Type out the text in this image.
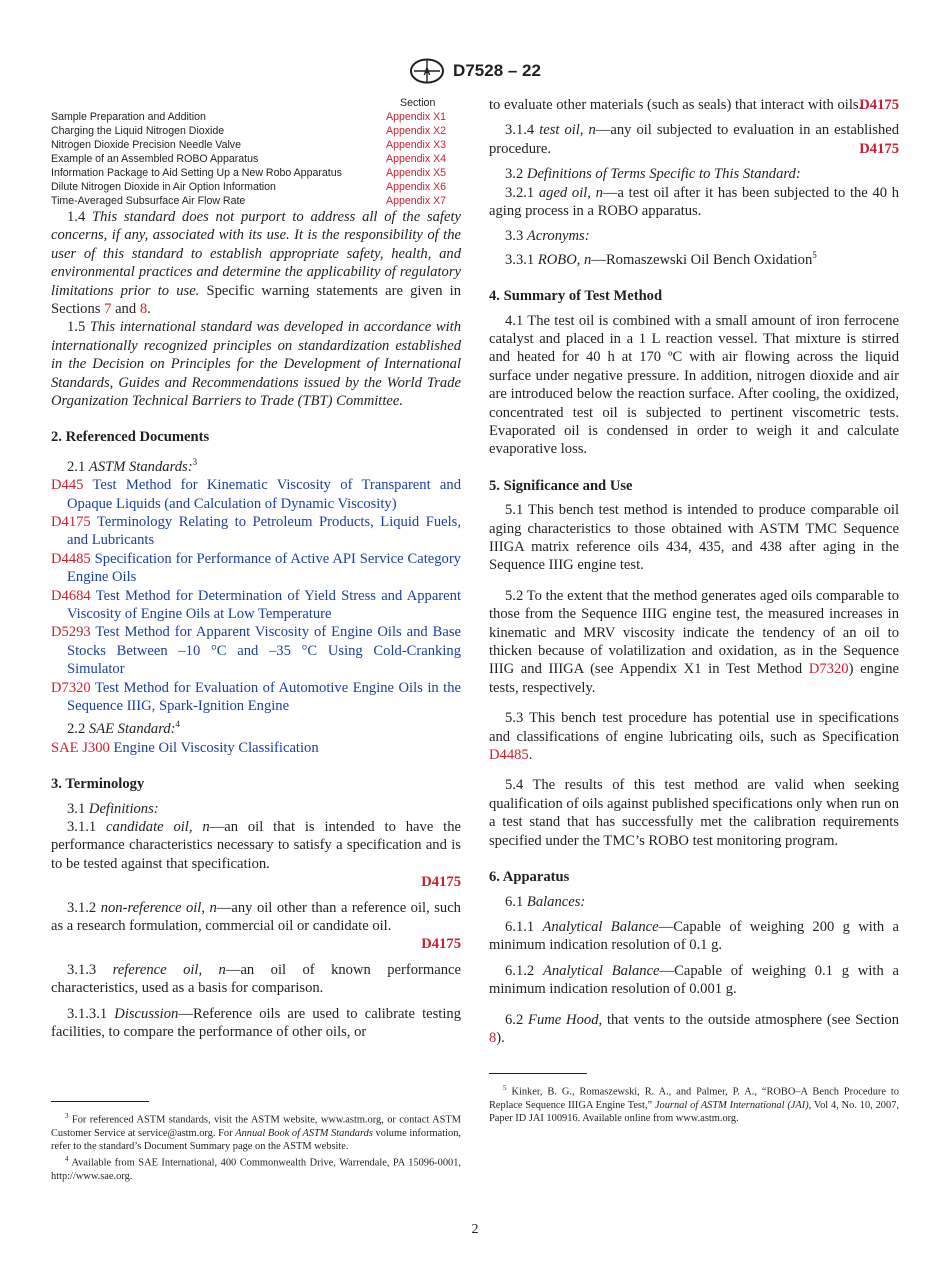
A D7528 – 22
	Section
Sample Preparation and Addition	Appendix X1
Charging the Liquid Nitrogen Dioxide	Appendix X2
Nitrogen Dioxide Precision Needle Valve	Appendix X3
Example of an Assembled ROBO Apparatus	Appendix X4
Information Package to Aid Setting Up a New Robo Apparatus	Appendix X5
Dilute Nitrogen Dioxide in Air Option Information	Appendix X6
Time-Averaged Subsurface Air Flow Rate	Appendix X7

1.4 This standard does not purport to address all of the safety concerns, if any, associated with its use. It is the responsibility of the user of this standard to establish appropriate safety, health, and environmental practices and determine the applicability of regulatory limitations prior to use. Specific warning statements are given in Sections 7 and 8.

1.5 This international standard was developed in accordance with internationally recognized principles on standardization established in the Decision on Principles for the Development of International Standards, Guides and Recommendations issued by the World Trade Organization Technical Barriers to Trade (TBT) Committee.

2. Referenced Documents

2.1 ASTM Standards:$^3$

D445 Test Method for Kinematic Viscosity of Transparent and Opaque Liquids (and Calculation of Dynamic Viscosity)

D4175 Terminology Relating to Petroleum Products, Liquid Fuels, and Lubricants

D4485 Specification for Performance of Active API Service Category Engine Oils

D4684 Test Method for Determination of Yield Stress and Apparent Viscosity of Engine Oils at Low Temperature

D5293 Test Method for Apparent Viscosity of Engine Oils and Base Stocks Between –10 °C and –35 °C Using Cold-Cranking Simulator

D7320 Test Method for Evaluation of Automotive Engine Oils in the Sequence IIIG, Spark-Ignition Engine

2.2 SAE Standard:$^4$

SAE J300 Engine Oil Viscosity Classification

3. Terminology

3.1 Definitions:

3.1.1 candidate oil, n—an oil that is intended to have the performance characteristics necessary to satisfy a specification and is to be tested against that specification.

D4175

3.1.2 non-reference oil, n—any oil other than a reference oil, such as a research formulation, commercial oil or candidate oil.

D4175

3.1.3 reference oil, n—an oil of known performance characteristics, used as a basis for comparison.

3.1.3.1 Discussion—Reference oils are used to calibrate testing facilities, to compare the performance of other oils, or

$^3$ For referenced ASTM standards, visit the ASTM website, www.astm.org, or contact ASTM Customer Service at service@astm.org. For Annual Book of ASTM Standards volume information, refer to the standard’s Document Summary page on the ASTM website.

$^4$ Available from SAE International, 400 Commonwealth Drive, Warrendale, PA 15096-0001, http://www.sae.org.

to evaluate other materials (such as seals) that interact with oils.

D4175

3.1.4 test oil, n—any oil subjected to evaluation in an established procedure.	D4175

3.2 Definitions of Terms Specific to This Standard:

3.2.1 aged oil, n—a test oil after it has been subjected to the 40 h aging process in a ROBO apparatus.

3.3 Acronyms:

3.3.1 ROBO, n—Romaszewski Oil Bench Oxidation$^5$

4. Summary of Test Method

4.1 The test oil is combined with a small amount of iron ferrocene catalyst and placed in a 1 L reaction vessel. That mixture is stirred and heated for 40 h at 170 ºC with air flowing across the liquid surface under negative pressure. In addition, nitrogen dioxide and air are introduced below the reaction surface. After cooling, the oxidized, concentrated test oil is subjected to pertinent viscometric tests. Evaporated oil is condensed in order to weigh it and calculate evaporative loss.

5. Significance and Use

5.1 This bench test method is intended to produce comparable oil aging characteristics to those obtained with ASTM TMC Sequence IIIGA matrix reference oils 434, 435, and 438 after aging in the Sequence IIIG engine test.

5.2 To the extent that the method generates aged oils comparable to those from the Sequence IIIG engine test, the measured increases in kinematic and MRV viscosity indicate the tendency of an oil to thicken because of volatilization and oxidation, as in the Sequence IIIG and IIIGA (see Appendix X1 in Test Method D7320) engine tests, respectively.

5.3 This bench test procedure has potential use in specifications and classifications of engine lubricating oils, such as Specification D4485.

5.4 The results of this test method are valid when seeking qualification of oils against published specifications only when run on a test stand that has successfully met the calibration requirements specified under the TMC’s ROBO test monitoring program.

6. Apparatus

6.1 Balances:

6.1.1 Analytical Balance—Capable of weighing 200 g with a minimum indication resolution of 0.1 g.

6.1.2 Analytical Balance—Capable of weighing 0.1 g with a minimum indication resolution of 0.001 g.

6.2 Fume Hood, that vents to the outside atmosphere (see Section 8).

$^5$ Kinker, B. G., Romaszewski, R. A., and Palmer, P. A., “ROBO–A Bench Procedure to Replace Sequence IIIGA Engine Test,” Journal of ASTM International (JAI), Vol 4, No. 10, 2007, Paper ID JAI 100916. Available online from www.astm.org.

2
